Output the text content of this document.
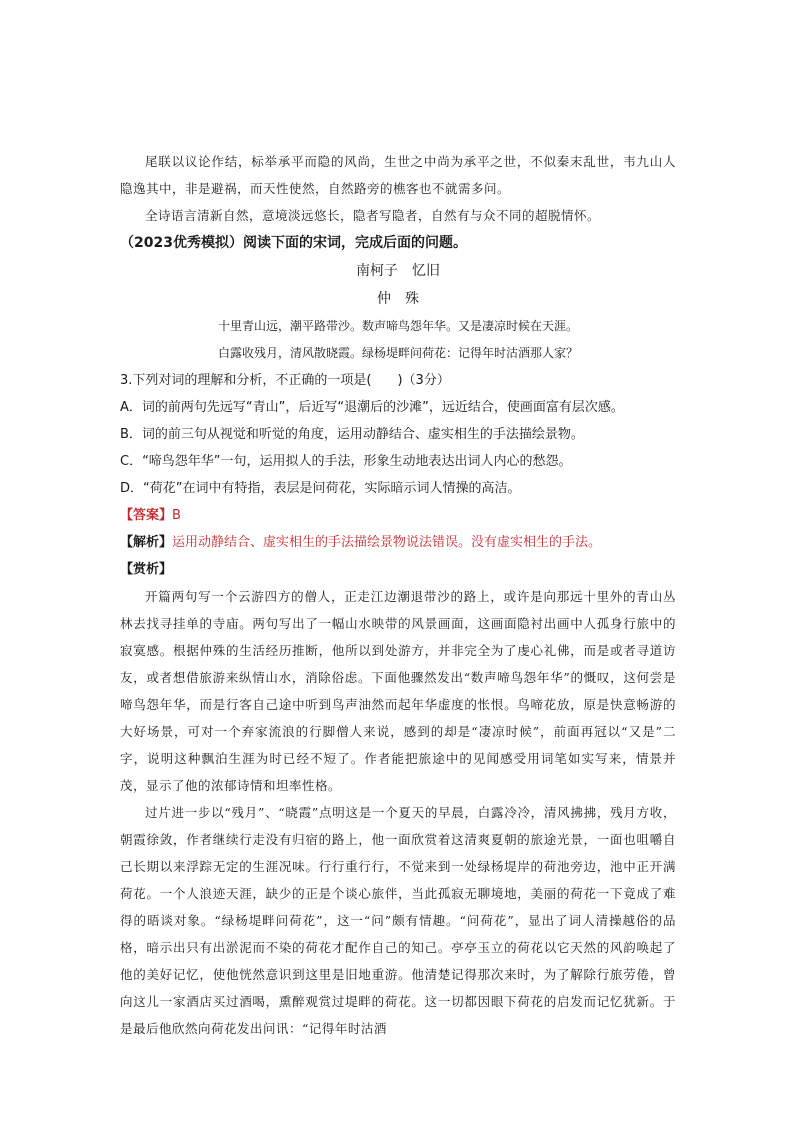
尾联以议论作结，标举承平而隐的风尚，生世之中尚为承平之世，不似秦末乱世，韦九山人隐逸其中，非是避祸，而天性使然，自然路旁的樵客也不就需多问。

全诗语言清新自然，意境淡远悠长，隐者写隐者，自然有与众不同的超脱情怀。

（2023优秀模拟）阅读下面的宋词，完成后面的问题。

南柯子　忆旧

仲　殊

十里青山远，潮平路带沙。数声啼鸟怨年华。又是凄凉时候在天涯。

白露收残月，清风散晓霞。绿杨堤畔问荷花：记得年时沽酒那人家？

3.下列对词的理解和分析，不正确的一项是(　　)（3分）

A．词的前两句先远写“青山”，后近写“退潮后的沙滩”，远近结合，使画面富有层次感。

B．词的前三句从视觉和听觉的角度，运用动静结合、虚实相生的手法描绘景物。

C．“啼鸟怨年华”一句，运用拟人的手法，形象生动地表达出词人内心的愁怨。

D．“荷花”在词中有特指，表层是问荷花，实际暗示词人情操的高洁。

【答案】B

【解析】运用动静结合、虚实相生的手法描绘景物说法错误。没有虚实相生的手法。

【赏析】

开篇两句写一个云游四方的僧人，正走江边潮退带沙的路上，或许是向那远十里外的青山丛林去找寻挂单的寺庙。两句写出了一幅山水映带的风景画面，这画面隐衬出画中人孤身行旅中的寂寞感。根据仲殊的生活经历推断，他所以到处游方，并非完全为了虔心礼佛，而是或者寻道访友，或者想借旅游来纵情山水，消除俗虑。下面他骤然发出“数声啼鸟怨年华”的慨叹，这何尝是啼鸟怨年华，而是行客自己途中听到鸟声油然而起年华虚度的怅恨。鸟啼花放，原是快意畅游的大好场景，可对一个弃家流浪的行脚僧人来说，感到的却是“凄凉时候”，前面再冠以“又是”二字，说明这种飘泊生涯为时已经不短了。作者能把旅途中的见闻感受用词笔如实写来，情景并茂，显示了他的浓郁诗情和坦率性格。

过片进一步以“残月”、“晓霞”点明这是一个夏天的早晨，白露冷冷，清风拂拂，残月方收，朝霞徐敛，作者继续行走没有归宿的路上，他一面欣赏着这清爽夏朝的旅途光景，一面也咀嚼自己长期以来浮踪无定的生涯况味。行行重行行，不觉来到一处绿杨堤岸的荷池旁边，池中正开满荷花。一个人浪迹天涯，缺少的正是个谈心旅伴，当此孤寂无聊境地，美丽的荷花一下竟成了难得的晤谈对象。“绿杨堤畔问荷花”，这一“问”颇有情趣。“问荷花”，显出了词人清操越俗的品格，暗示出只有出淤泥而不染的荷花才配作自己的知己。亭亭玉立的荷花以它天然的风韵唤起了他的美好记忆，使他恍然意识到这里是旧地重游。他清楚记得那次来时，为了解除行旅劳倦，曾向这儿一家酒店买过酒喝，熏醉观赏过堤畔的荷花。这一切都因眼下荷花的启发而记忆犹新。于是最后他欣然向荷花发出问讯：“记得年时沽酒
